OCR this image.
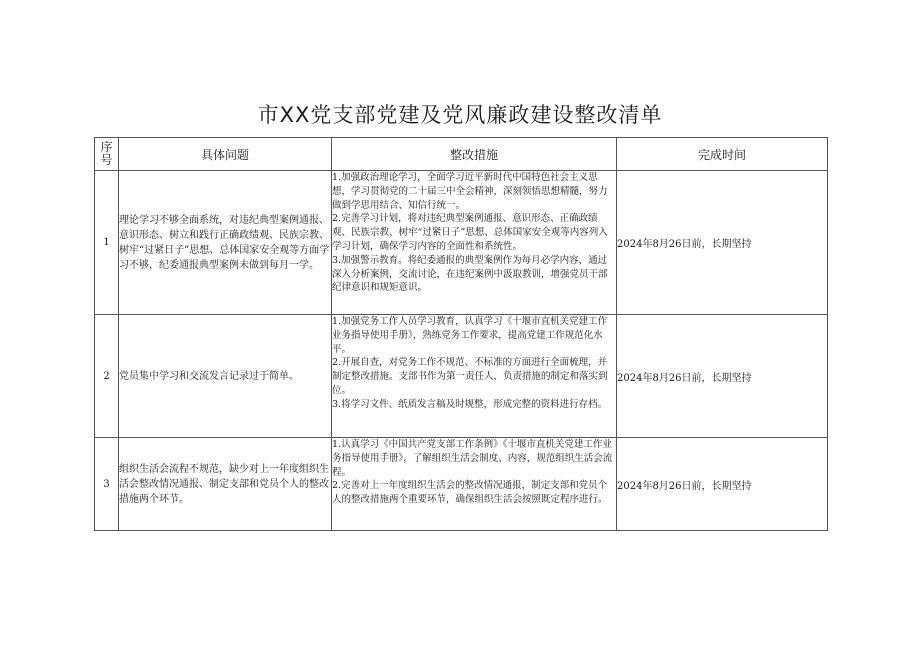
市XX党支部党建及党风廉政建设整改清单
序号	具体问题	整改措施	完成时间
1	理论学习不够全面系统，对违纪典型案例通报、意识形态、树立和践行正确政绩观、民族宗教、树牢“过紧日子”思想、总体国家安全观等方面学习不够，纪委通报典型案例未做到每月一学。	1.加强政治理论学习，全面学习近平新时代中国特色社会主义思想，学习贯彻党的二十届三中全会精神，深刻领悟思想精髓，努力做到学思用结合、知信行统一。
2.完善学习计划，将对违纪典型案例通报、意识形态、正确政绩观、民族宗教、树牢“过紧日子”思想、总体国家安全观等内容列入学习计划，确保学习内容的全面性和系统性。
3.加强警示教育。将纪委通报的典型案例作为每月必学内容，通过深入分析案例，交流讨论，在违纪案例中汲取教训，增强党员干部纪律意识和规矩意识。	2024年8月26日前，长期坚持
2	党员集中学习和交流发言记录过于简单。	1.加强党务工作人员学习教育，认真学习《十堰市直机关党建工作业务指导使用手册》，熟练党务工作要求，提高党建工作规范化水平。
2.开展自查，对党务工作不规范、不标准的方面进行全面梳理，并制定整改措施。支部书作为第一责任人，负责措施的制定和落实到位。
3.将学习文件、纸质发言稿及时规整，形成完整的资料进行存档。	2024年8月26日前，长期坚持
3	组织生活会流程不规范，缺少对上一年度组织生活会整改情况通报、制定支部和党员个人的整改措施两个环节。	1.认真学习《中国共产党支部工作条例》《十堰市直机关党建工作业务指导使用手册》，了解组织生活会制度、内容，规范组织生活会流程。
2.完善对上一年度组织生活会的整改情况通报，制定支部和党员个人的整改措施两个重要环节，确保组织生活会按照既定程序进行。	2024年8月26日前，长期坚持
